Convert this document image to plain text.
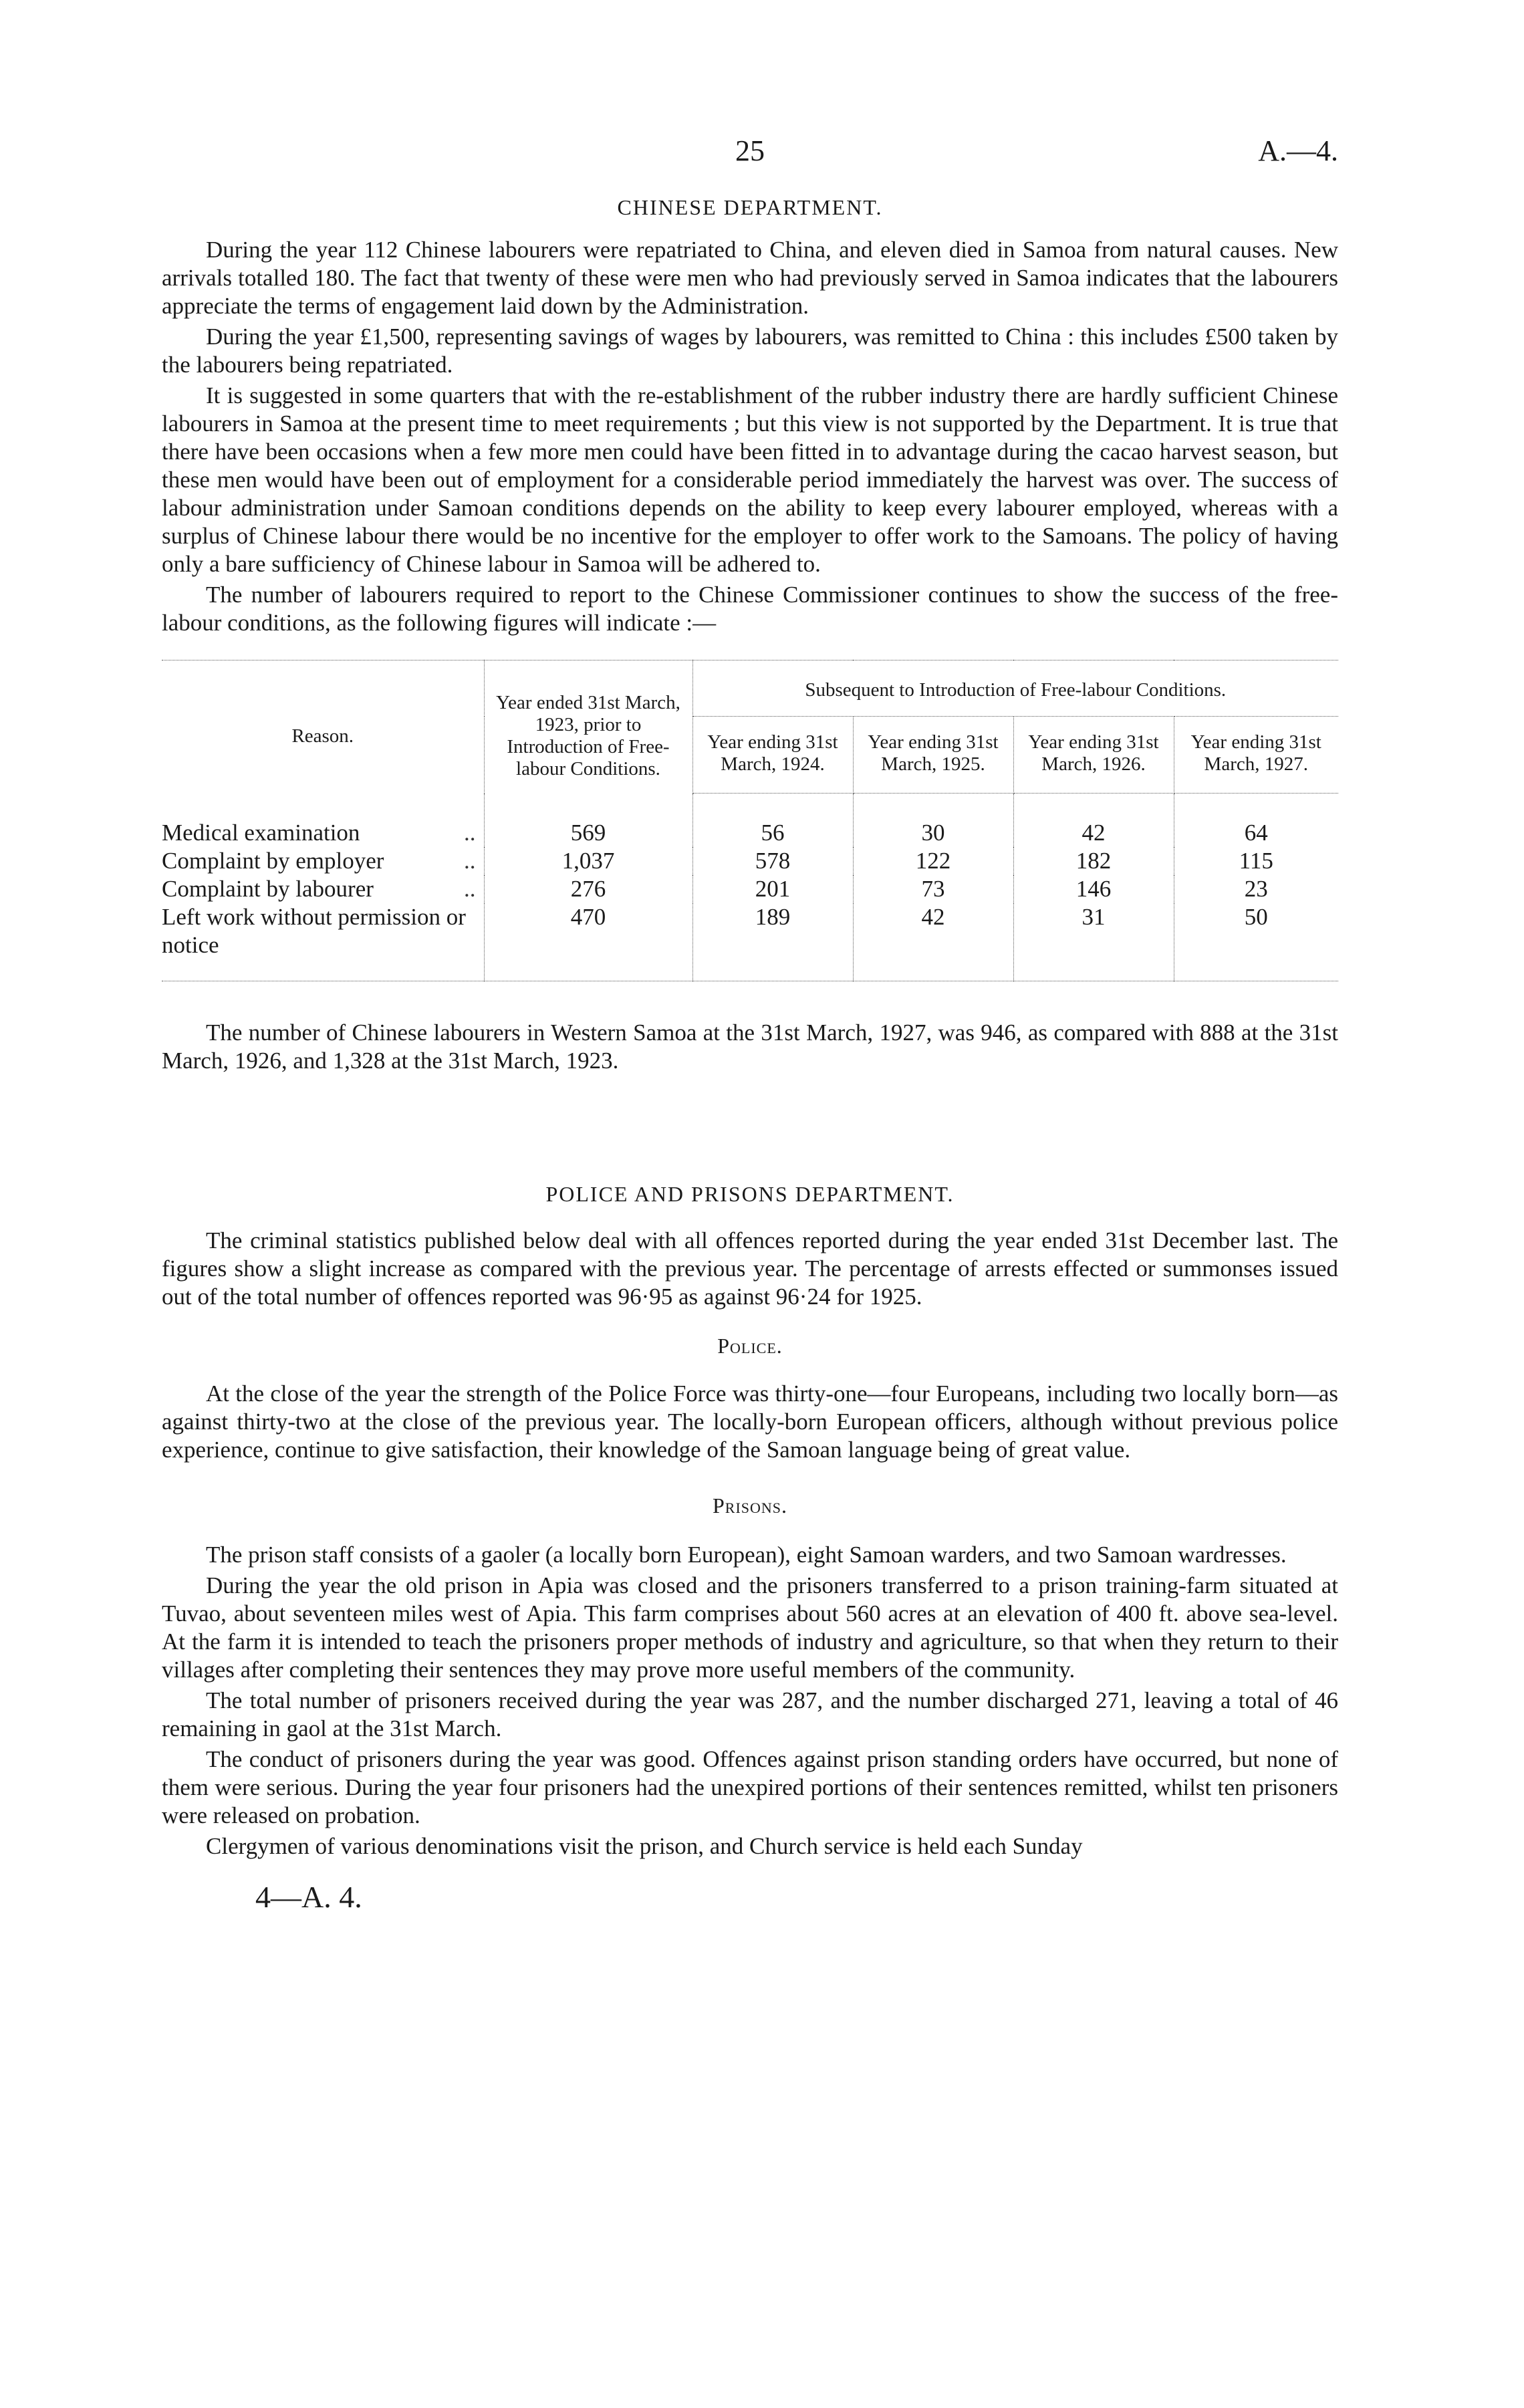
25	A.—4.
CHINESE DEPARTMENT.

During the year 112 Chinese labourers were repatriated to China, and eleven died in Samoa from natural causes. New arrivals totalled 180. The fact that twenty of these were men who had previously served in Samoa indicates that the labourers appreciate the terms of engagement laid down by the Administration.

During the year £1,500, representing savings of wages by labourers, was remitted to China : this includes £500 taken by the labourers being repatriated.

It is suggested in some quarters that with the re-establishment of the rubber industry there are hardly sufficient Chinese labourers in Samoa at the present time to meet requirements ; but this view is not supported by the Department. It is true that there have been occasions when a few more men could have been fitted in to advantage during the cacao harvest season, but these men would have been out of employment for a considerable period immediately the harvest was over. The success of labour administration under Samoan conditions depends on the ability to keep every labourer employed, whereas with a surplus of Chinese labour there would be no incentive for the employer to offer work to the Samoans. The policy of having only a bare sufficiency of Chinese labour in Samoa will be adhered to.

The number of labourers required to report to the Chinese Commissioner continues to show the success of the free-labour conditions, as the following figures will indicate :—

Reason.	Year ended 31st March, 1923, prior to Introduction of Free-labour Conditions.	Subsequent to Introduction of Free-labour Conditions.			
		Year ending 31st March, 1924.	Year ending 31st March, 1925.	Year ending 31st March, 1926.	Year ending 31st March, 1927.

Medical examination ..	569	56	30	42	64

Complaint by employer ..	1,037	578	122	182	115

Complaint by labourer ..	276	201	73	146	23

Left work without permission or notice	470	189	42	31	50

The number of Chinese labourers in Western Samoa at the 31st March, 1927, was 946, as compared with 888 at the 31st March, 1926, and 1,328 at the 31st March, 1923.

POLICE AND PRISONS DEPARTMENT.

The criminal statistics published below deal with all offences reported during the year ended 31st December last. The figures show a slight increase as compared with the previous year. The percentage of arrests effected or summonses issued out of the total number of offences reported was 96·95 as against 96·24 for 1925.

Police.

At the close of the year the strength of the Police Force was thirty-one—four Europeans, including two locally born—as against thirty-two at the close of the previous year. The locally-born European officers, although without previous police experience, continue to give satisfaction, their knowledge of the Samoan language being of great value.

Prisons.

The prison staff consists of a gaoler (a locally born European), eight Samoan warders, and two Samoan wardresses.

During the year the old prison in Apia was closed and the prisoners transferred to a prison training-farm situated at Tuvao, about seventeen miles west of Apia. This farm comprises about 560 acres at an elevation of 400 ft. above sea-level. At the farm it is intended to teach the prisoners proper methods of industry and agriculture, so that when they return to their villages after completing their sentences they may prove more useful members of the community.

The total number of prisoners received during the year was 287, and the number discharged 271, leaving a total of 46 remaining in gaol at the 31st March.

The conduct of prisoners during the year was good. Offences against prison standing orders have occurred, but none of them were serious. During the year four prisoners had the unexpired portions of their sentences remitted, whilst ten prisoners were released on probation.

Clergymen of various denominations visit the prison, and Church service is held each Sunday

4—A. 4.
